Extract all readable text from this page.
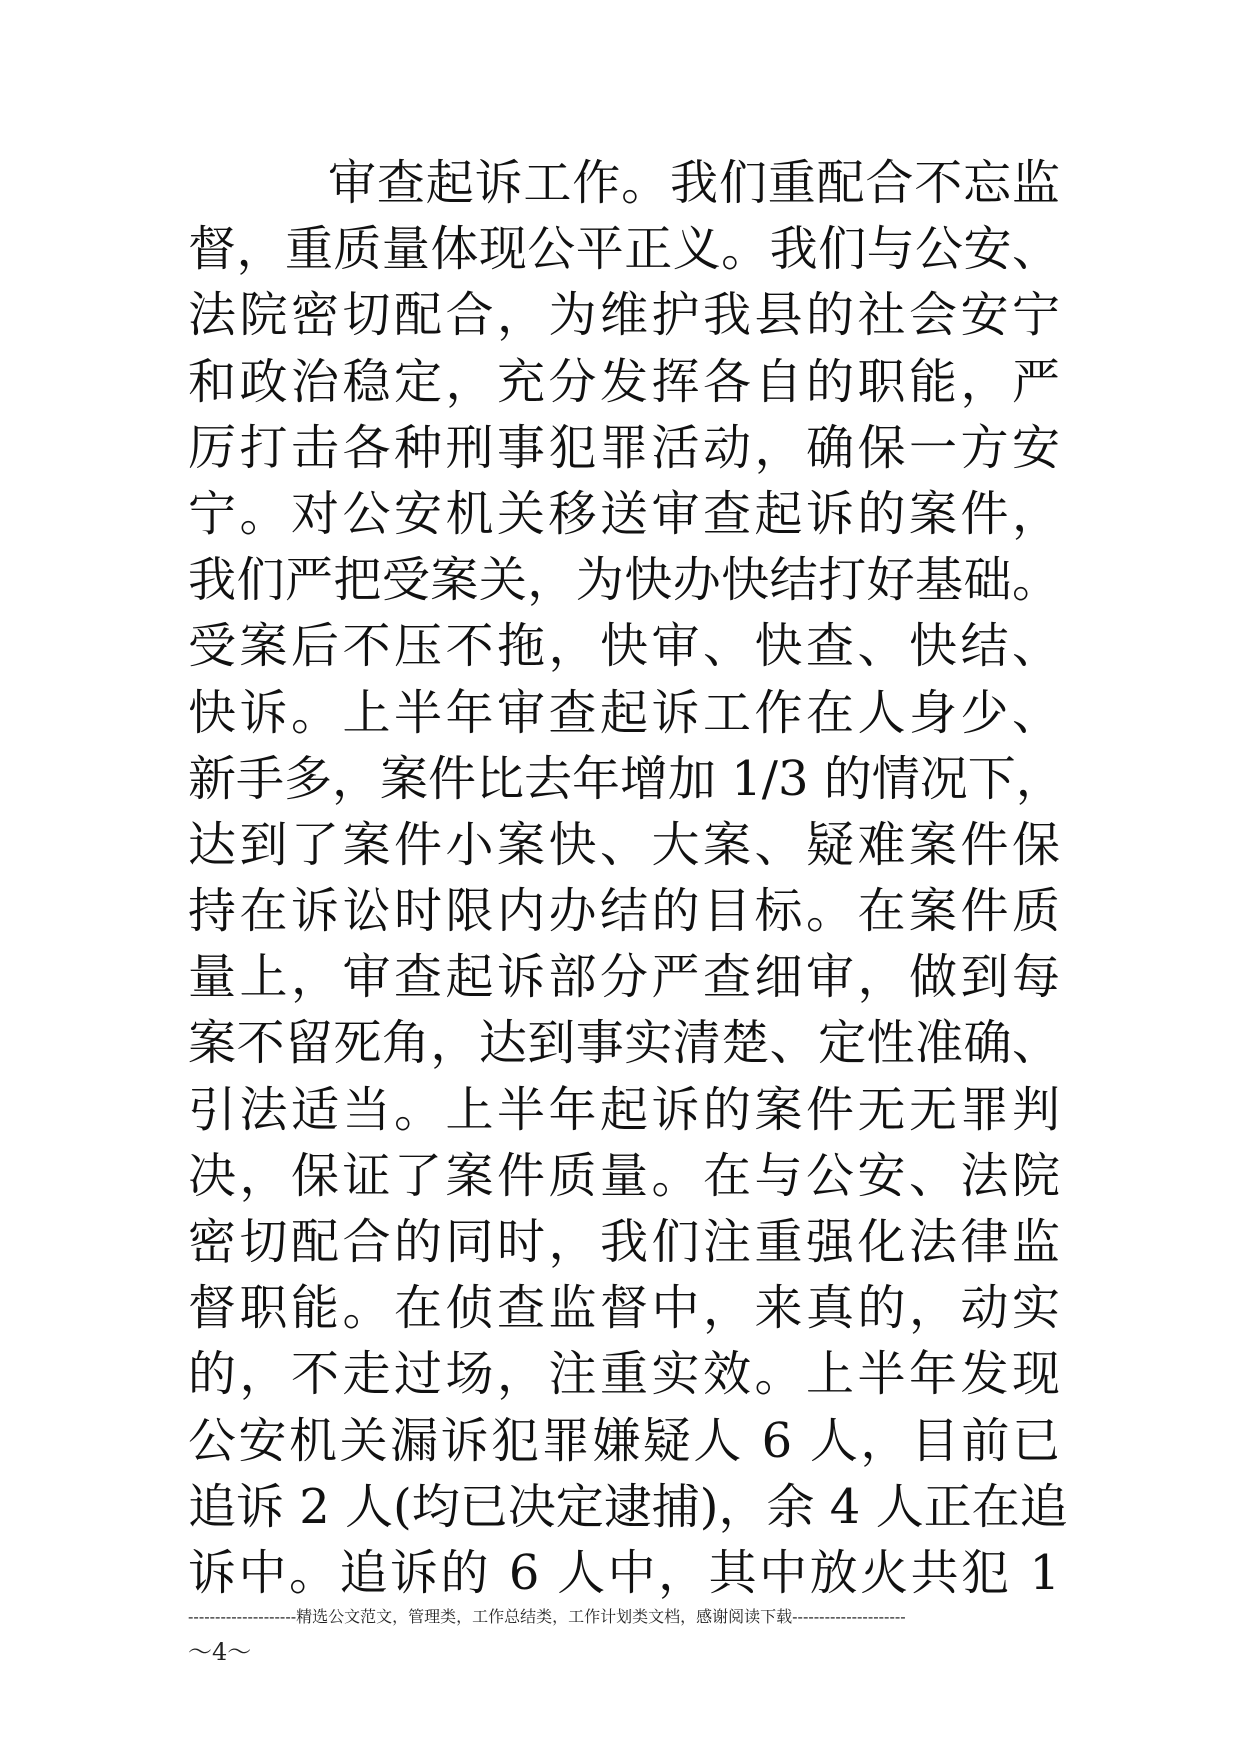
审查起诉工作。我们重配合不忘监
督，重质量体现公平正义。我们与公安、
法院密切配合，为维护我县的社会安宁
和政治稳定，充分发挥各自的职能，严
厉打击各种刑事犯罪活动，确保一方安
宁。对公安机关移送审查起诉的案件，
我们严把受案关，为快办快结打好基础。
受案后不压不拖，快审、快查、快结、
快诉。上半年审查起诉工作在人身少、
新手多，案件比去年增加 1/3 的情况下，
达到了案件小案快、大案、疑难案件保
持在诉讼时限内办结的目标。在案件质
量上，审查起诉部分严查细审，做到每
案不留死角，达到事实清楚、定性准确、
引法适当。上半年起诉的案件无无罪判
决，保证了案件质量。在与公安、法院
密切配合的同时，我们注重强化法律监
督职能。在侦查监督中，来真的，动实
的，不走过场，注重实效。上半年发现
公安机关漏诉犯罪嫌疑人 6 人，目前已
追诉 2 人(均已决定逮捕)，余 4 人正在追
诉中。追诉的 6 人中，其中放火共犯 1
--------------------精选公文范文，管理类，工作总结类，工作计划类文档，感谢阅读下载---------------------
～4～
